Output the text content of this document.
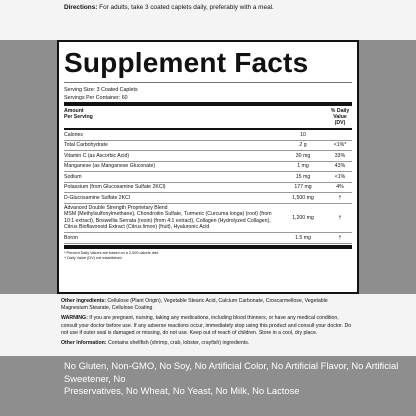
Directions: For adults, take 3 coated caplets daily, preferably with a meal.
Supplement Facts
Serving Size: 3 Coated Caplets
Servings Per Container: 60
Amount
Per Serving
% Daily
Value
(DV)
Calories	10
Total Carbohydrate	2 g	<1%*
Vitamin C (as Ascorbic Acid)	30 mg	33%
Manganese (as Manganese Gluconate)	1 mg	43%
Sodium	15 mg	<1%
Potassium (from Glucosamine Sulfate 2KCl)	177 mg	4%
D-Glucosamine Sulfate 2KCl	1,500 mg	†
Advanced Double Strength Proprietary Blend
MSM (Methylsulfonylmethane), Chondroitin Sulfate, Turmeric (Curcuma longa) (root) (from 10:1 extract), Boswellia Serrata (resin) (from 4:1 extract), Collagen (Hydrolyzed Collagen), Citrus Bioflavonoid Extract (Citrus limon) (fruit), Hyaluronic Acid
1,200 mg	†
Boron	1.5 mg	†
* Percent Daily Values are based on a 2,000 calorie diet.
† Daily Value (DV) not established.

Other ingredients: Cellulose (Plant Origin), Vegetable Stearic Acid, Calcium Carbonate, Croscarmellose, Vegetable Magnesium Stearate, Cellulose Coating

WARNING: If you are pregnant, nursing, taking any medications, including blood thinners, or have any medical condition, consult your doctor before use. If any adverse reactions occur, immediately stop using this product and consult your doctor. Do not use if outer seal is damaged or missing, do not use. Keep out of reach of children. Store in a cool, dry place.

Other Information: Contains shellfish (shrimp, crab, lobster, crayfish) ingredients.

No Gluten, Non-GMO, No Soy, No Artificial Color, No Artificial Flavor, No Artificial Sweetener, No
Preservatives, No Wheat, No Yeast, No Milk, No Lactose
